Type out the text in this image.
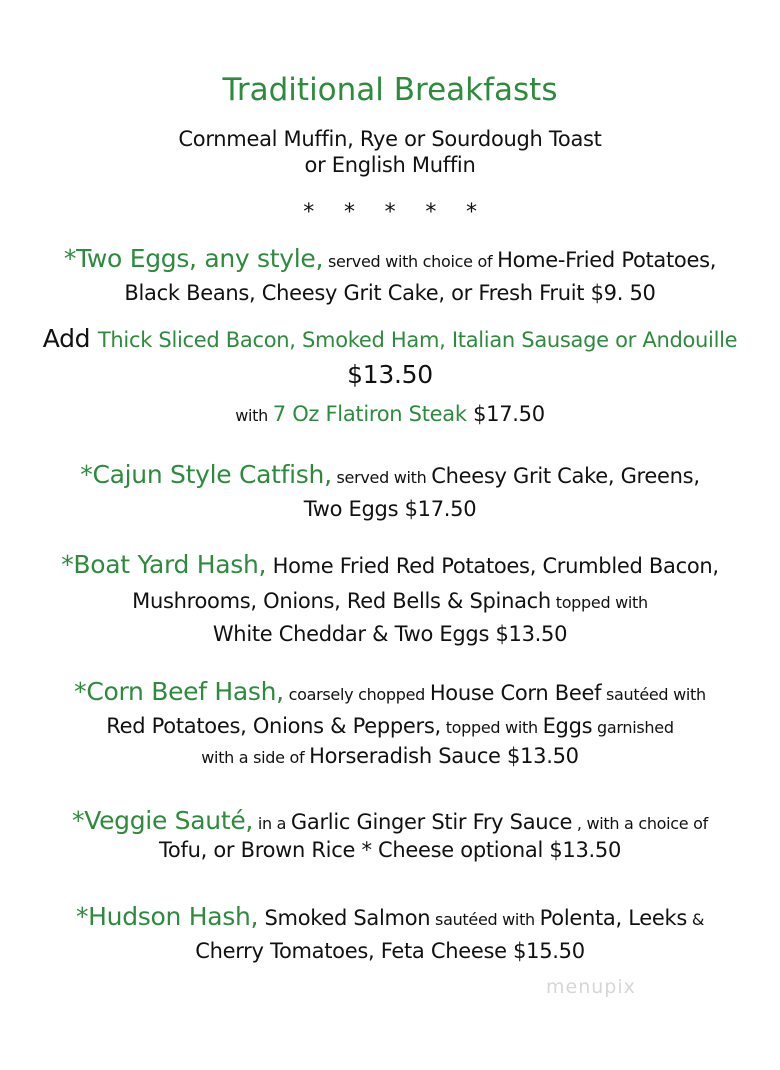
Traditional Breakfasts
Cornmeal Muffin, Rye or Sourdough Toast
or English Muffin
* * * * *
*Two Eggs, any style, served with choice of Home-Fried Potatoes,
Black Beans, Cheesy Grit Cake, or Fresh Fruit $9. 50
Add Thick Sliced Bacon, Smoked Ham, Italian Sausage or Andouille
$13.50
with 7 Oz Flatiron Steak $17.50
*Cajun Style Catfish, served with Cheesy Grit Cake, Greens,
Two Eggs $17.50
*Boat Yard Hash, Home Fried Red Potatoes, Crumbled Bacon,
Mushrooms, Onions, Red Bells & Spinach topped with
White Cheddar & Two Eggs $13.50
*Corn Beef Hash, coarsely chopped House Corn Beef sautéed with
Red Potatoes, Onions & Peppers, topped with Eggs garnished
with a side of Horseradish Sauce $13.50
*Veggie Sauté, in a Garlic Ginger Stir Fry Sauce , with a choice of
Tofu, or Brown Rice * Cheese optional $13.50
*Hudson Hash, Smoked Salmon sautéed with Polenta, Leeks &
Cherry Tomatoes, Feta Cheese $15.50
menupix
